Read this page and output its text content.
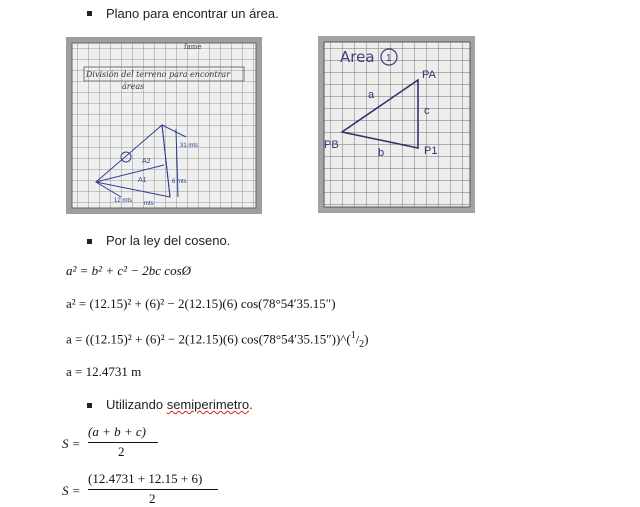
Plano para encontrar un área.
fame
División del terreno para encontrar
áreas
A2
A1
31 mts
6 mts
12 mts mts
Area 1
PA
PB	P1
a
b
c
Por la ley del coseno.
a² = b² + c² − 2bc cosØ
a² = (12.15)² + (6)² − 2(12.15)(6) cos(78°54′35.15″)
a = ((12.15)² + (6)² − 2(12.15)(6) $\cos(78^\circ 54'35.15''))\^{}(^1/_2)$
a = 12.4731 m
Utilizando semiperimetro.
S =
(a + b + c)
2
S =
(12.4731 + 12.15 + 6)
2
